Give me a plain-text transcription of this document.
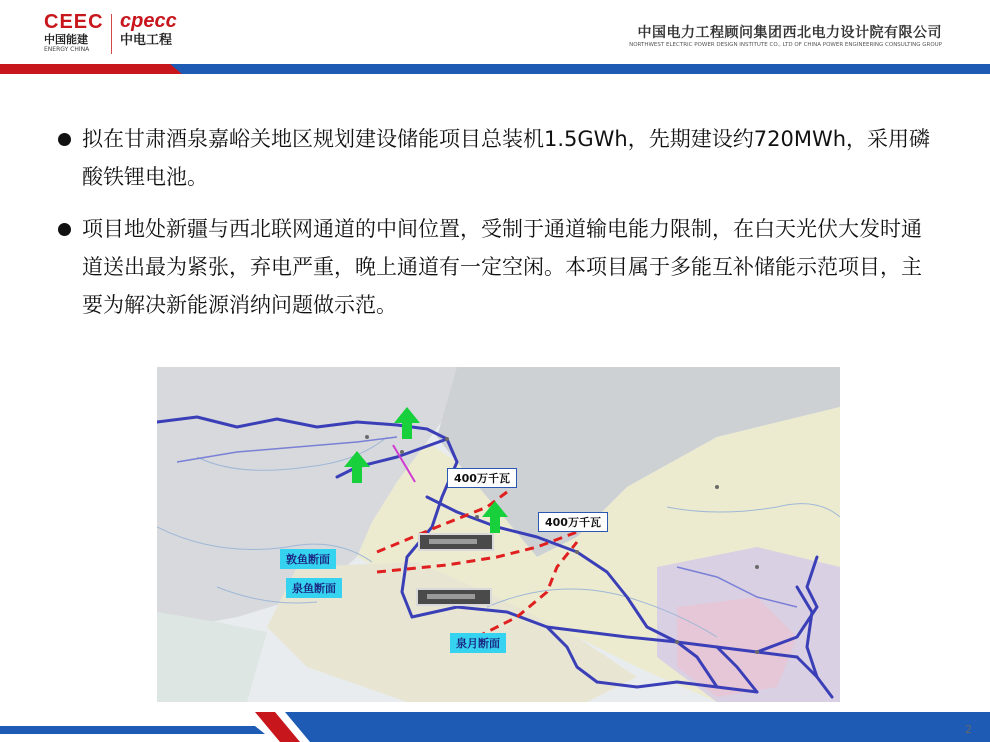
CEEC
中国能建
ENERGY CHINA
cpecc
中电工程	中国电力工程顾问集团西北电力设计院有限公司
NORTHWEST ELECTRIC POWER DESIGN INSTITUTE CO., LTD OF CHINA POWER ENGINEERING CONSULTING GROUP
拟在甘肃酒泉嘉峪关地区规划建设储能项目总装机1.5GWh，先期建设约720MWh，采用磷酸铁锂电池。
项目地处新疆与西北联网通道的中间位置，受制于通道输电能力限制，在白天光伏大发时通道送出最为紧张，弃电严重，晚上通道有一定空闲。本项目属于多能互补储能示范项目，主要为解决新能源消纳问题做示范。
400万千瓦
400万千瓦
敦鱼断面
泉鱼断面
泉月断面
2
